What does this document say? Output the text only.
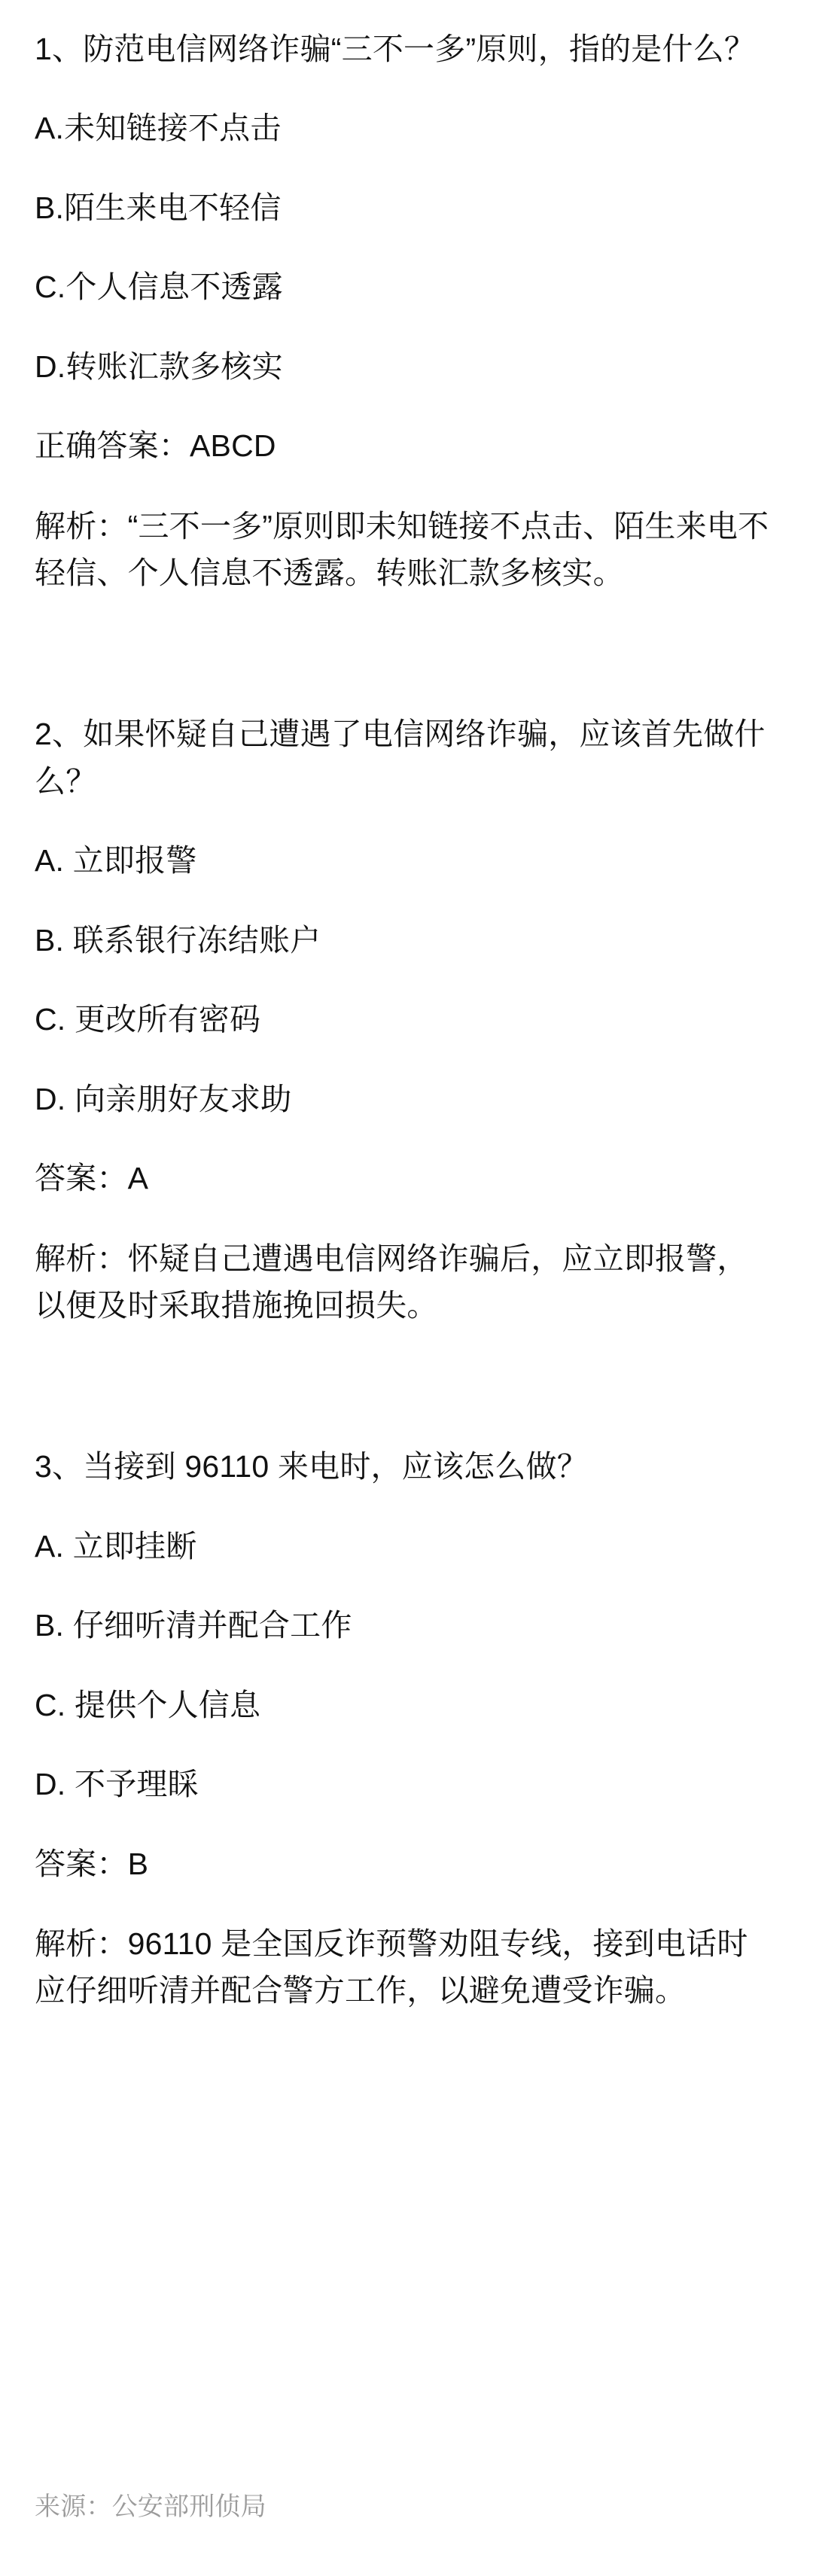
1、防范电信网络诈骗“三不一多”原则，指的是什么？

A.未知链接不点击

B.陌生来电不轻信

C.个人信息不透露

D.转账汇款多核实

正确答案：ABCD

解析：“三不一多”原则即未知链接不点击、陌生来电不轻信、个人信息不透露。转账汇款多核实。

2、如果怀疑自己遭遇了电信网络诈骗，应该首先做什么？

A. 立即报警

B. 联系银行冻结账户

C. 更改所有密码

D. 向亲朋好友求助

答案：A

解析：怀疑自己遭遇电信网络诈骗后，应立即报警，以便及时采取措施挽回损失。

3、当接到 96110 来电时，应该怎么做？

A. 立即挂断

B. 仔细听清并配合工作

C. 提供个人信息

D. 不予理睬

答案：B

解析：96110 是全国反诈预警劝阻专线，接到电话时应仔细听清并配合警方工作，以避免遭受诈骗。

来源：公安部刑侦局
